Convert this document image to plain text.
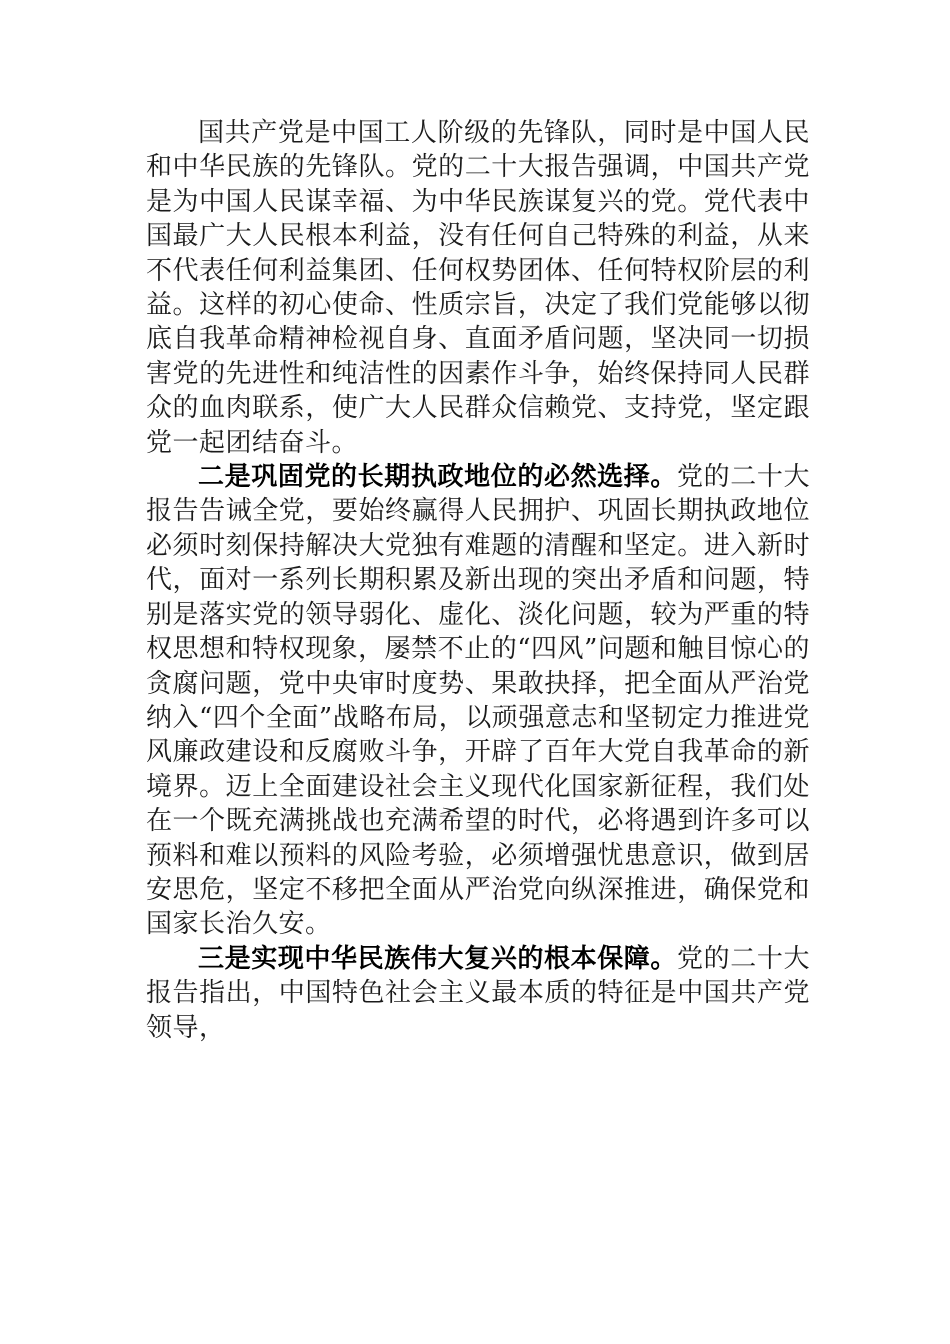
国共产党是中国工人阶级的先锋队，同时是中国人民和中华民族的先锋队。党的二十大报告强调，中国共产党是为中国人民谋幸福、为中华民族谋复兴的党。党代表中国最广大人民根本利益，没有任何自己特殊的利益，从来不代表任何利益集团、任何权势团体、任何特权阶层的利益。这样的初心使命、性质宗旨，决定了我们党能够以彻底自我革命精神检视自身、直面矛盾问题，坚决同一切损害党的先进性和纯洁性的因素作斗争，始终保持同人民群众的血肉联系，使广大人民群众信赖党、支持党，坚定跟党一起团结奋斗。

二是巩固党的长期执政地位的必然选择。党的二十大报告告诫全党，要始终赢得人民拥护、巩固长期执政地位必须时刻保持解决大党独有难题的清醒和坚定。进入新时代，面对一系列长期积累及新出现的突出矛盾和问题，特别是落实党的领导弱化、虚化、淡化问题，较为严重的特权思想和特权现象，屡禁不止的“四风”问题和触目惊心的贪腐问题，党中央审时度势、果敢抉择，把全面从严治党纳入“四个全面”战略布局，以顽强意志和坚韧定力推进党风廉政建设和反腐败斗争，开辟了百年大党自我革命的新境界。迈上全面建设社会主义现代化国家新征程，我们处在一个既充满挑战也充满希望的时代，必将遇到许多可以预料和难以预料的风险考验，必须增强忧患意识，做到居安思危，坚定不移把全面从严治党向纵深推进，确保党和国家长治久安。

三是实现中华民族伟大复兴的根本保障。党的二十大报告指出，中国特色社会主义最本质的特征是中国共产党领导，
